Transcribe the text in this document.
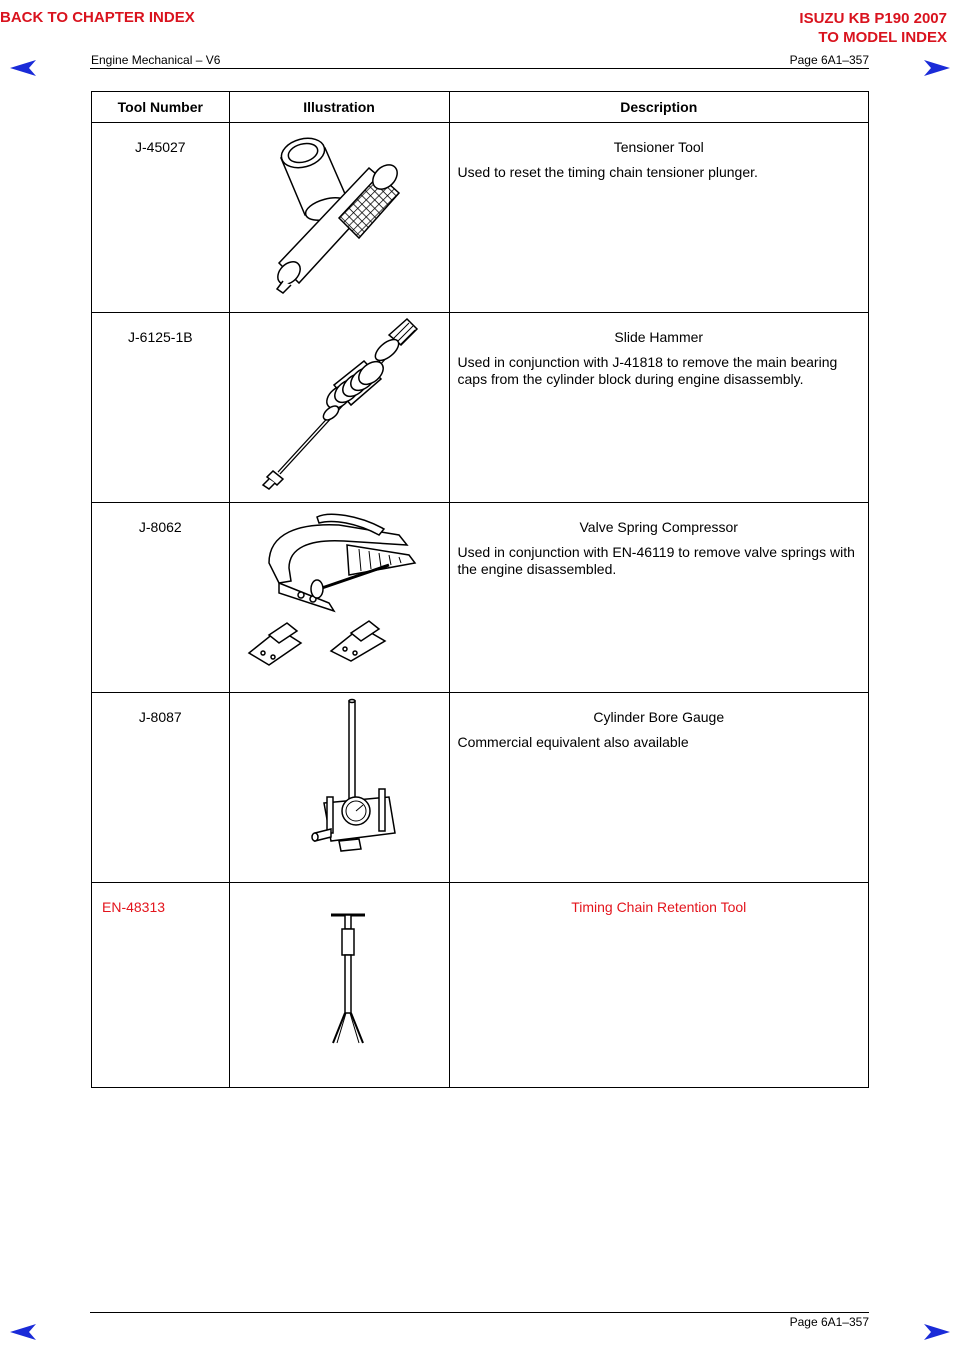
BACK TO CHAPTER INDEX	ISUZU KB P190 2007
TO MODEL INDEX
Engine Mechanical – V6	Page 6A1–357
Tool Number	Illustration	Description

J-45027		Tensioner Tool
Used to reset the timing chain tensioner plunger.

J-6125-1B		Slide Hammer
Used in conjunction with J-41818 to remove the main bearing caps from the cylinder block during engine disassembly.

J-8062		Valve Spring Compressor
Used in conjunction with EN-46119 to remove valve springs with the engine disassembled.

J-8087		Cylinder Bore Gauge
Commercial equivalent also available

EN-48313		Timing Chain Retention Tool
Page 6A1–357
